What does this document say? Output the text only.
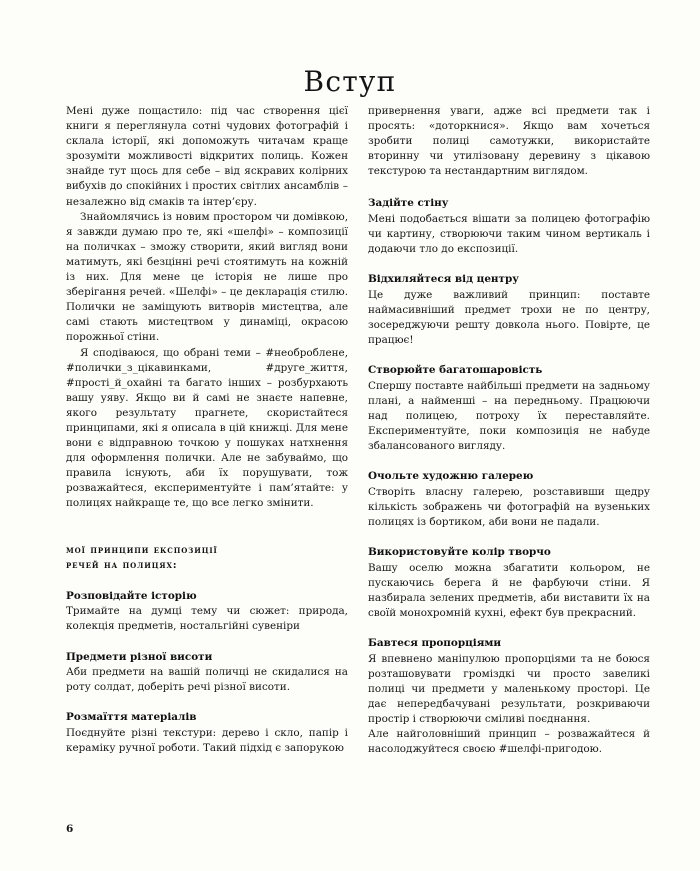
Вступ

Мені дуже пощастило: під час створення цієї книги я переглянула сотні чудових фотографій і склала історії, які допоможуть читачам краще зрозуміти можливості відкритих полиць. Кожен знайде тут щось для себе – від яскравих колірних вибухів до спокійних і простих світлих ансамблів – незалежно від смаків та інтер’єру.

Знайомлячись із новим простором чи домівкою, я завжди думаю про те, які «шелфі» – композиції на поличках – зможу створити, який вигляд вони матимуть, які безцінні речі стоятимуть на кожній із них. Для мене це історія не лише про зберігання речей. «Шелфі» – це декларація стилю. Полички не заміщують витворів мистецтва, але самі стають мистецтвом у динаміці, окрасою порожньої стіни.

Я сподіваюся, що обрані теми – #необроблене, #полички_з_цікавинками, #друге_життя, #прості_й_охайні та багато інших – розбурхають вашу уяву. Якщо ви й самі не знаєте напевне, якого результату прагнете, скористайтеся принципами, які я описала в цій книжці. Для мене вони є відправною точкою у пошуках натхнення для оформлення полички. Але не забуваймо, що правила існують, аби їх порушувати, тож розважайтеся, експериментуйте і пам’ятайте: у полицях найкраще те, що все легко змінити.

мої принципи експозиції
речей на полицях:
Розповідайте історію

Тримайте на думці тему чи сюжет: природа, колекція предметів, ностальгійні сувеніри

Предмети різної висоти

Аби предмети на вашій поличці не скидалися на роту солдат, доберіть речі різної висоти.

Розмаїття матеріалів

Поєднуйте різні текстури: дерево і скло, папір і кераміку ручної роботи. Такий підхід є запорукою

привернення уваги, адже всі предмети так і просять: «доторкнися». Якщо вам хочеться зробити полиці самотужки, використайте вторинну чи утилізовану деревину з цікавою текстурою та нестандартним виглядом.

Задійте стіну

Мені подобається вішати за полицею фотографію чи картину, створюючи таким чином вертикаль і додаючи тло до експозиції.

Відхиляйтеся від центру

Це дуже важливий принцип: поставте наймасивніший предмет трохи не по центру, зосереджуючи решту довкола нього. Повірте, це працює!

Створюйте багатошаровість

Спершу поставте найбільші предмети на задньому плані, а найменші – на передньому. Працюючи над полицею, потроху їх переставляйте. Експериментуйте, поки композиція не набуде збалансованого вигляду.

Очольте художню галерею

Створіть власну галерею, розставивши щедру кількість зображень чи фотографій на вузеньких полицях із бортиком, аби вони не падали.

Використовуйте колір творчо

Вашу оселю можна збагатити кольором, не пускаючись берега й не фарбуючи стіни. Я назбирала зелених предметів, аби виставити їх на своїй монохромній кухні, ефект був прекрасний.

Бавтеся пропорціями

Я впевнено маніпулюю пропорціями та не боюся розташовувати громіздкі чи просто завеликі полиці чи предмети у маленькому просторі. Це дає непередбачувані результати, розкриваючи простір і створюючи сміливі поєднання.

Але найголовніший принцип – розважайтеся й насолоджуйтеся своєю #шелфі-пригодою.

6
